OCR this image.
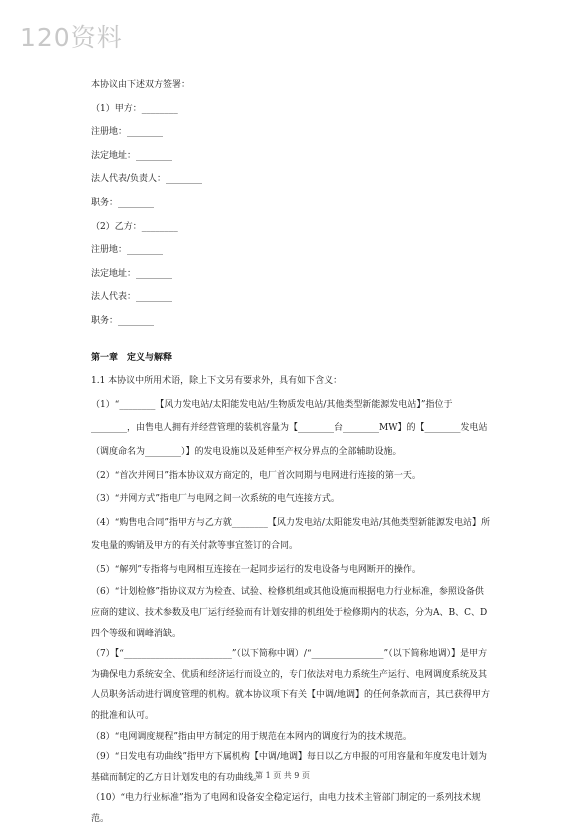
120资料
本协议由下述双方签署：
（1）甲方：________
注册地：________
法定地址：________
法人代表/负责人：________
职务：________
（2）乙方：________
注册地：________
法定地址：________
法人代表：________
职务：________
第一章　定义与解释
1.1 本协议中所用术语，除上下文另有要求外，具有如下含义：
（1）“________【风力发电站/太阳能发电站/生物质发电站/其他类型新能源发电站】”指位于________，由售电人拥有并经营管理的装机容量为【________台________MW】的【________发电站（调度命名为________）】的发电设施以及延伸至产权分界点的全部辅助设施。
（2）“首次并网日”指本协议双方商定的，电厂首次同期与电网进行连接的第一天。
（3）“并网方式”指电厂与电网之间一次系统的电气连接方式。
（4）“购售电合同”指甲方与乙方就________【风力发电站/太阳能发电站/其他类型新能源发电站】所发电量的购销及甲方的有关付款等事宜签订的合同。
（5）“解列”专指将与电网相互连接在一起同步运行的发电设备与电网断开的操作。
（6）“计划检修”指协议双方为检查、试验、检修机组或其他设施而根据电力行业标准，参照设备供应商的建议、技术参数及电厂运行经验而有计划安排的机组处于检修期内的状态，分为A、B、C、D四个等级和调峰消缺。
（7）【“________________________”（以下简称中调）/“________________”（以下简称地调）】是甲方为确保电力系统安全、优质和经济运行而设立的，专门依法对电力系统生产运行、电网调度系统及其人员职务活动进行调度管理的机构。就本协议项下有关【中调/地调】的任何条款而言，其已获得甲方的批准和认可。
（8）“电网调度规程”指由甲方制定的用于规范在本网内的调度行为的技术规范。
（9）“日发电有功曲线”指甲方下属机构【中调/地调】每日以乙方申报的可用容量和年度发电计划为基础而制定的乙方日计划发电的有功曲线。
（10）“电力行业标准”指为了电网和设备安全稳定运行，由电力技术主管部门制定的一系列技术规范。
第 1 页 共 9 页
